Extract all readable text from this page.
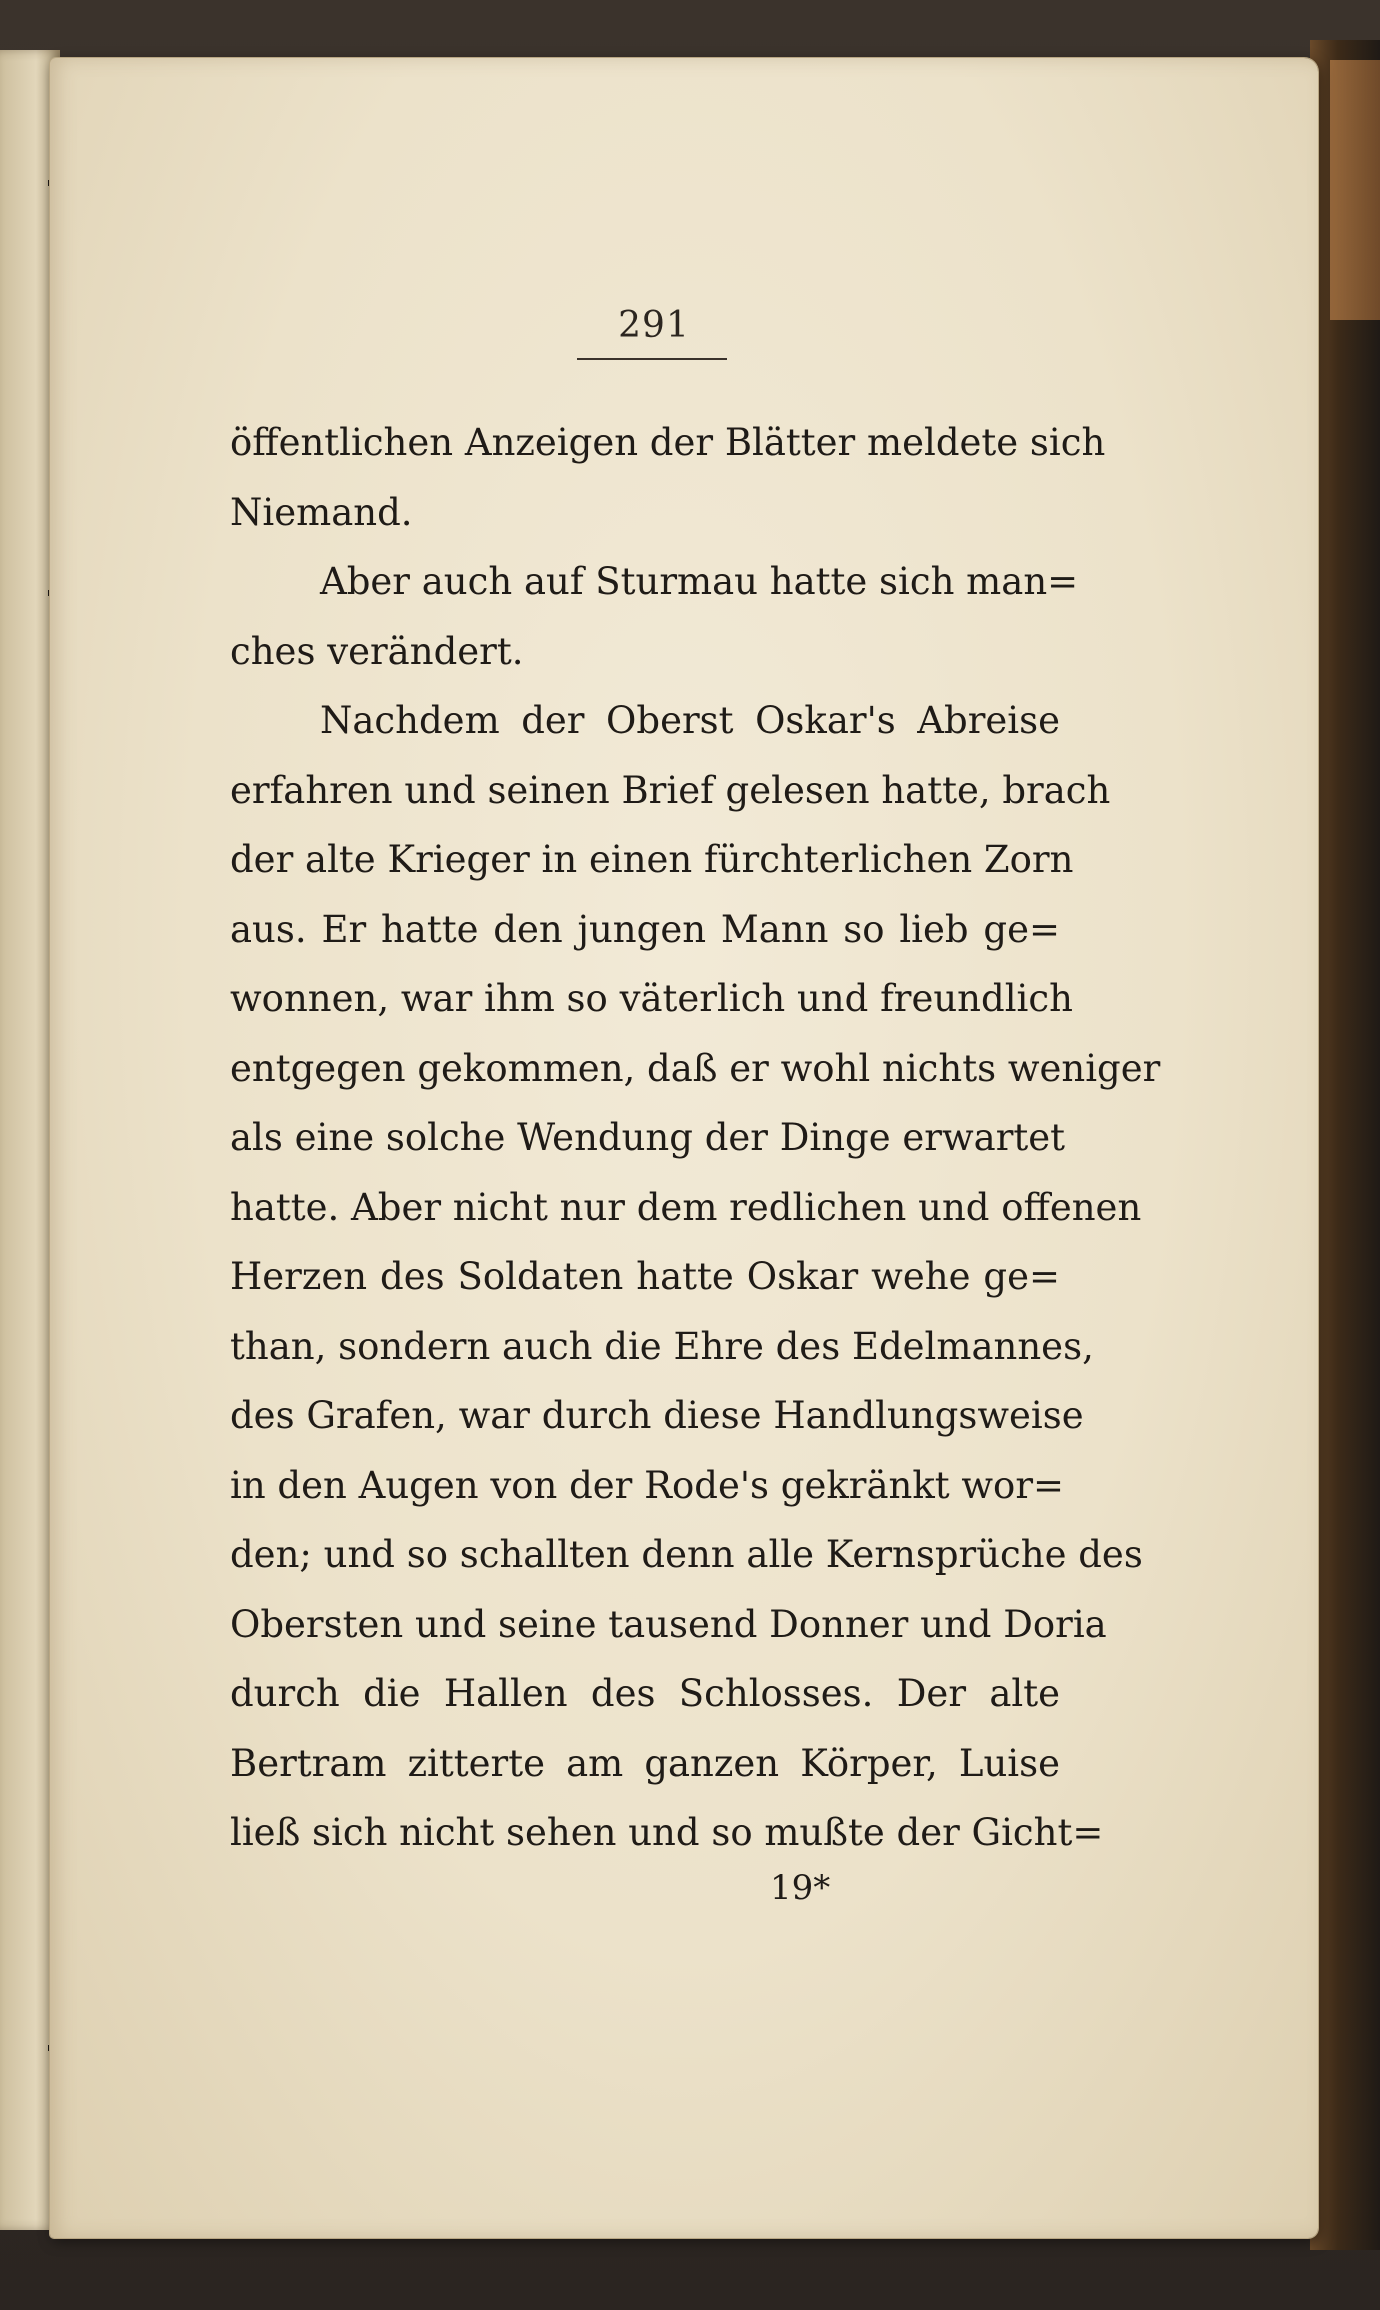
291
öffentlichen Anzeigen der Blätter meldete sich
Niemand.
Aber auch auf Sturmau hatte sich man=
ches verändert.
Nachdem der Oberst Oskar's Abreise
erfahren und seinen Brief gelesen hatte, brach
der alte Krieger in einen fürchterlichen Zorn
aus. Er hatte den jungen Mann so lieb ge=
wonnen, war ihm so väterlich und freundlich
entgegen gekommen, daß er wohl nichts weniger
als eine solche Wendung der Dinge erwartet
hatte. Aber nicht nur dem redlichen und offenen
Herzen des Soldaten hatte Oskar wehe ge=
than, sondern auch die Ehre des Edelmannes,
des Grafen, war durch diese Handlungsweise
in den Augen von der Rode's gekränkt wor=
den; und so schallten denn alle Kernsprüche des
Obersten und seine tausend Donner und Doria
durch die Hallen des Schlosses. Der alte
Bertram zitterte am ganzen Körper, Luise
ließ sich nicht sehen und so mußte der Gicht=
19*
